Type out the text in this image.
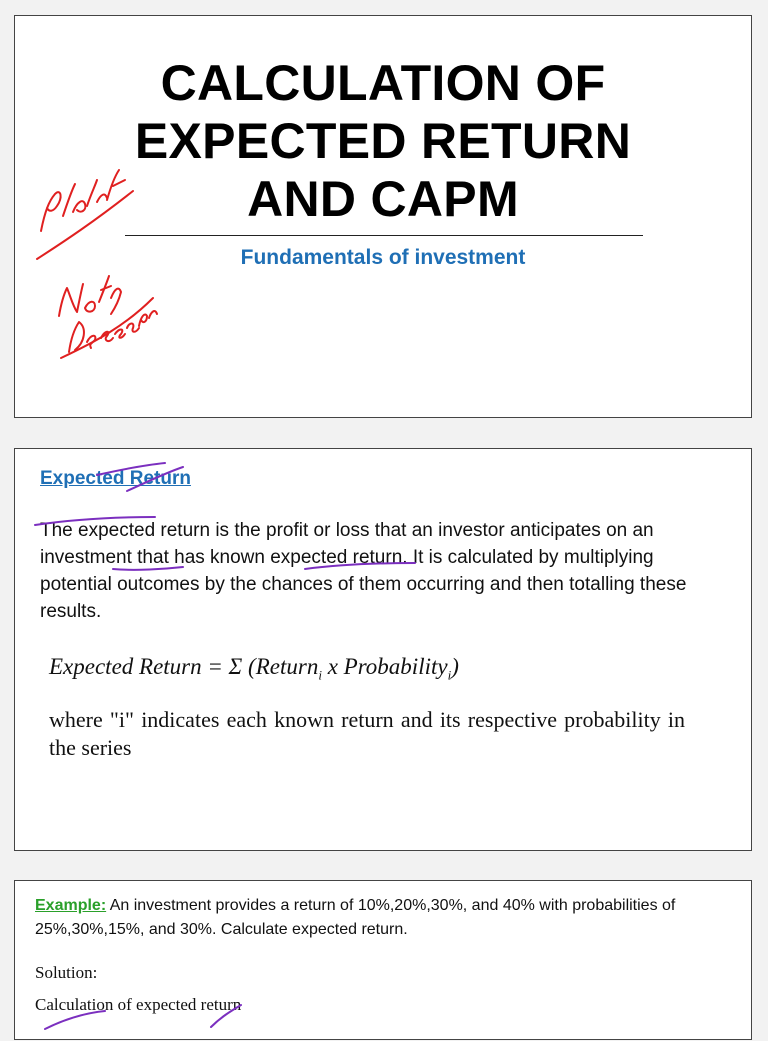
CALCULATION OF
EXPECTED RETURN
AND CAPM
Fundamentals of investment
Expected Return
The expected return is the profit or loss that an investor anticipates on an investment that has known expected return. It is calculated by multiplying potential outcomes by the chances of them occurring and then totalling these results.
Expected Return = Σ (Return$_i$ x Probability$_i$)
where "i" indicates each known return and its respective probability in the series
Example: An investment provides a return of 10%,20%,30%, and 40% with probabilities of 25%,30%,15%, and 30%. Calculate expected return.
Solution:
Calculation of expected return
